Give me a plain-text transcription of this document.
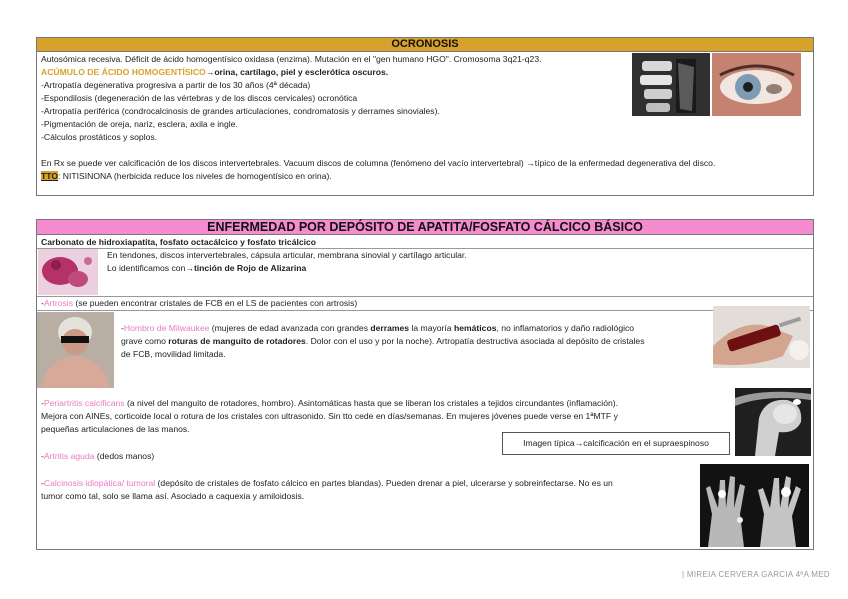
OCRONOSIS
Autosómica recesiva. Déficit de ácido homogentísico oxidasa (enzima). Mutación en el "gen humano HGO". Cromosoma 3q21-q23.
ACÚMULO DE ÁCIDO HOMOGENTÍSICO→orina, cartílago, piel y esclerótica oscuros.
-Artropatía degenerativa progresiva a partir de los 30 años (4ª década)
-Espondilosis (degeneración de las vértebras y de los discos cervicales) ocronótica
-Artropatía periférica (condrocalcinosis de grandes articulaciones, condromatosis y derrames sinoviales).
-Pigmentación de oreja, nariz, esclera, axila e ingle.
-Cálculos prostáticos y soplos.
En Rx se puede ver calcificación de los discos intervertebrales. Vacuum discos de columna (fenómeno del vacío intervertebral) →típico de la enfermedad degenerativa del disco.
TTO: NITISINONA (herbicida reduce los niveles de homogentísico en orina).
ENFERMEDAD POR DEPÓSITO DE APATITA/FOSFATO CÁLCICO BÁSICO
Carbonato de hidroxiapatita, fosfato octacálcico y fosfato tricálcico
En tendones, discos intervertebrales, cápsula articular, membrana sinovial y cartílago articular.
Lo identificamos con→tinción de Rojo de Alizarina
-Artrosis (se pueden encontrar cristales de FCB en el LS de pacientes con artrosis)
-Hombro de Milwaukee (mujeres de edad avanzada con grandes derrames la mayoría hemáticos, no inflamatorios y daño radiológico
grave como roturas de manguito de rotadores. Dolor con el uso y por la noche). Artropatía destructiva asociada al depósito de cristales
de FCB, movilidad limitada.
-Periartritis calcificans (a nivel del manguito de rotadores, hombro). Asintomáticas hasta que se liberan los cristales a tejidos circundantes (inflamación).
Mejora con AINEs, corticoide local o rotura de los cristales con ultrasonido. Sin tto cede en días/semanas. En mujeres jóvenes puede verse en 1ªMTF y
pequeñas articulaciones de las manos.
Imagen típica→calcificación en el supraespinoso
-Artritis aguda (dedos manos)
-Calcinosis idiopática/ tumoral (depósito de cristales de fosfato cálcico en partes blandas). Pueden drenar a piel, ulcerarse y sobreinfectarse. No es un
tumor como tal, solo se llama así. Asociado a caquexia y amiloidosis.
| MIREIA CERVERA GARCIA 4ºA MED
